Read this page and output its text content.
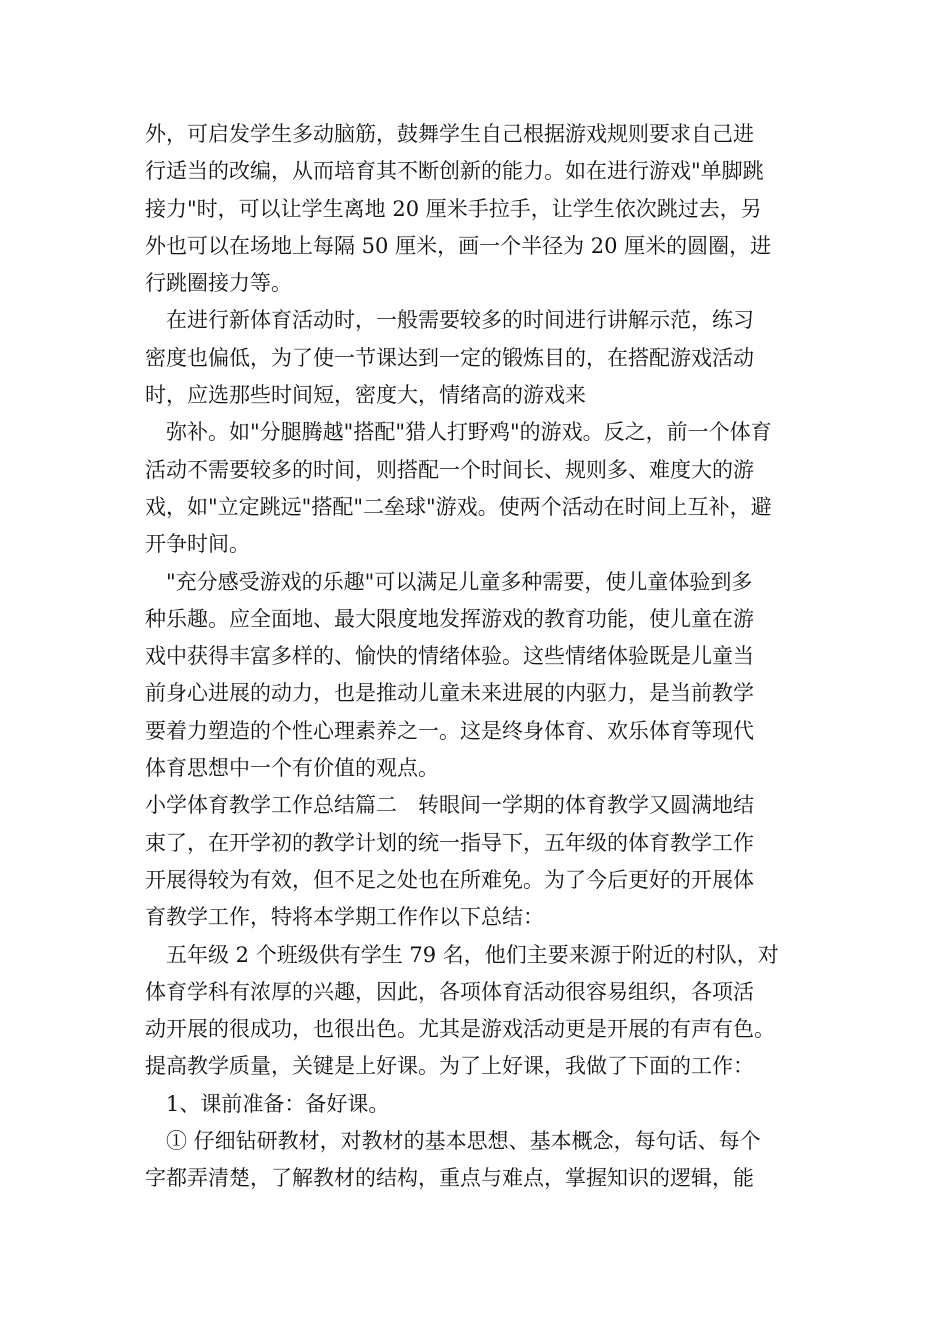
外，可启发学生多动脑筋，鼓舞学生自己根据游戏规则要求自己进
行适当的改编，从而培育其不断创新的能力。如在进行游戏"单脚跳
接力"时，可以让学生离地 20 厘米手拉手，让学生依次跳过去，另
外也可以在场地上每隔 50 厘米，画一个半径为 20 厘米的圆圈，进
行跳圈接力等。
在进行新体育活动时，一般需要较多的时间进行讲解示范，练习
密度也偏低，为了使一节课达到一定的锻炼目的，在搭配游戏活动
时，应选那些时间短，密度大，情绪高的游戏来
弥补。如"分腿腾越"搭配"猎人打野鸡"的游戏。反之，前一个体育
活动不需要较多的时间，则搭配一个时间长、规则多、难度大的游
戏，如"立定跳远"搭配"二垒球"游戏。使两个活动在时间上互补，避
开争时间。
"充分感受游戏的乐趣"可以满足儿童多种需要，使儿童体验到多
种乐趣。应全面地、最大限度地发挥游戏的教育功能，使儿童在游
戏中获得丰富多样的、愉快的情绪体验。这些情绪体验既是儿童当
前身心进展的动力，也是推动儿童未来进展的内驱力，是当前教学
要着力塑造的个性心理素养之一。这是终身体育、欢乐体育等现代
体育思想中一个有价值的观点。
小学体育教学工作总结篇二　转眼间一学期的体育教学又圆满地结
束了，在开学初的教学计划的统一指导下，五年级的体育教学工作
开展得较为有效，但不足之处也在所难免。为了今后更好的开展体
育教学工作，特将本学期工作作以下总结：
五年级 2 个班级供有学生 79 名，他们主要来源于附近的村队，对
体育学科有浓厚的兴趣，因此，各项体育活动很容易组织，各项活
动开展的很成功，也很出色。尤其是游戏活动更是开展的有声有色。
提高教学质量，关键是上好课。为了上好课，我做了下面的工作：
1、课前准备：备好课。
① 仔细钻研教材，对教材的基本思想、基本概念，每句话、每个
字都弄清楚，了解教材的结构，重点与难点，掌握知识的逻辑，能
